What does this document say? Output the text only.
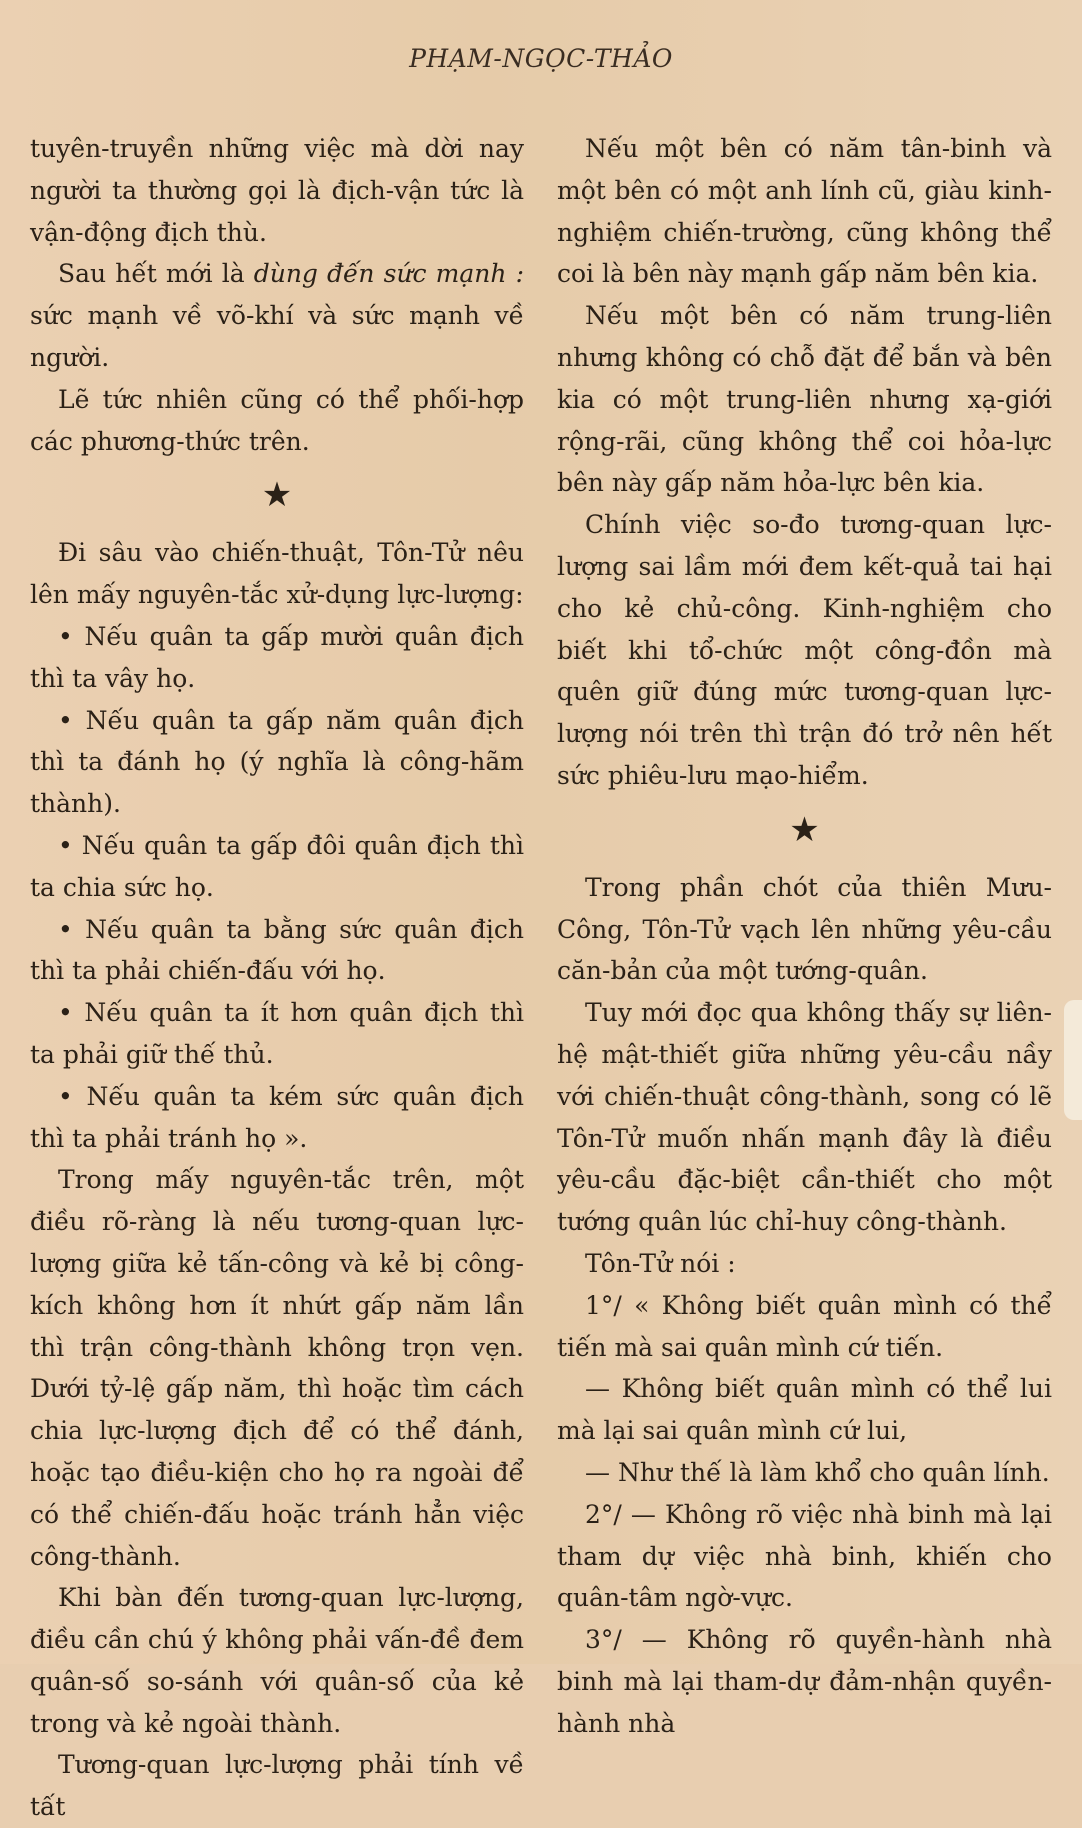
PHẠM-NGỌC-THẢO

tuyên-truyền những việc mà dời nay người ta thường gọi là địch-vận tức là vận-động địch thù.

Sau hết mới là dùng đến sức mạnh : sức mạnh về võ-khí và sức mạnh về người.

Lẽ tức nhiên cũng có thể phối-hợp các phương-thức trên.

★

Đi sâu vào chiến-thuật, Tôn-Tử nêu lên mấy nguyên-tắc xử-dụng lực-lượng:

• Nếu quân ta gấp mười quân địch thì ta vây họ.

• Nếu quân ta gấp năm quân địch thì ta đánh họ (ý nghĩa là công-hãm thành).

• Nếu quân ta gấp đôi quân địch thì ta chia sức họ.

• Nếu quân ta bằng sức quân địch thì ta phải chiến-đấu với họ.

• Nếu quân ta ít hơn quân địch thì ta phải giữ thế thủ.

• Nếu quân ta kém sức quân địch thì ta phải tránh họ ».

Trong mấy nguyên-tắc trên, một điều rõ-ràng là nếu tương-quan lực-lượng giữa kẻ tấn-công và kẻ bị công-kích không hơn ít nhứt gấp năm lần thì trận công-thành không trọn vẹn. Dưới tỷ-lệ gấp năm, thì hoặc tìm cách chia lực-lượng địch để có thể đánh, hoặc tạo điều-kiện cho họ ra ngoài để có thể chiến-đấu hoặc tránh hẳn việc công-thành.

Khi bàn đến tương-quan lực-lượng, điều cần chú ý không phải vấn-đề đem quân-số so-sánh với quân-số của kẻ trong và kẻ ngoài thành.

Tương-quan lực-lượng phải tính về tất

Nếu một bên có năm tân-binh và một bên có một anh lính cũ, giàu kinh-nghiệm chiến-trường, cũng không thể coi là bên này mạnh gấp năm bên kia.

Nếu một bên có năm trung-liên nhưng không có chỗ đặt để bắn và bên kia có một trung-liên nhưng xạ-giới rộng-rãi, cũng không thể coi hỏa-lực bên này gấp năm hỏa-lực bên kia.

Chính việc so-đo tương-quan lực-lượng sai lầm mới đem kết-quả tai hại cho kẻ chủ-công. Kinh-nghiệm cho biết khi tổ-chức một công-đồn mà quên giữ đúng mức tương-quan lực-lượng nói trên thì trận đó trở nên hết sức phiêu-lưu mạo-hiểm.

★

Trong phần chót của thiên Mưu-Công, Tôn-Tử vạch lên những yêu-cầu căn-bản của một tướng-quân.

Tuy mới đọc qua không thấy sự liên-hệ mật-thiết giữa những yêu-cầu nầy với chiến-thuật công-thành, song có lẽ Tôn-Tử muốn nhấn mạnh đây là điều yêu-cầu đặc-biệt cần-thiết cho một tướng quân lúc chỉ-huy công-thành.

Tôn-Tử nói :

1°/ « Không biết quân mình có thể tiến mà sai quân mình cứ tiến.

— Không biết quân mình có thể lui mà lại sai quân mình cứ lui,

— Như thế là làm khổ cho quân lính.

2°/ — Không rõ việc nhà binh mà lại tham dự việc nhà binh, khiến cho quân-tâm ngờ-vực.

3°/ — Không rõ quyền-hành nhà binh mà lại tham-dự đảm-nhận quyền-hành nhà
